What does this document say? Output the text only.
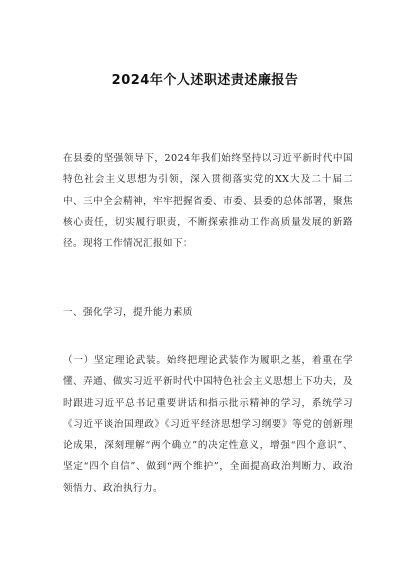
2024年个人述职述责述廉报告

在县委的坚强领导下，2024年我们始终坚持以习近平新时代中国特色社会主义思想为引领，深入贯彻落实党的XX大及二十届二中、三中全会精神，牢牢把握省委、市委、县委的总体部署，聚焦核心责任，切实履行职责，不断探索推动工作高质量发展的新路径。现将工作情况汇报如下：

一、强化学习，提升能力素质

（一）坚定理论武装。始终把理论武装作为履职之基，着重在学懂、弄通、做实习近平新时代中国特色社会主义思想上下功夫，及时跟进习近平总书记重要讲话和指示批示精神的学习，系统学习《习近平谈治国理政》《习近平经济思想学习纲要》等党的创新理论成果，深刻理解“两个确立”的决定性意义，增强“四个意识”、坚定“四个自信”、做到“两个维护”，全面提高政治判断力、政治领悟力、政治执行力。
